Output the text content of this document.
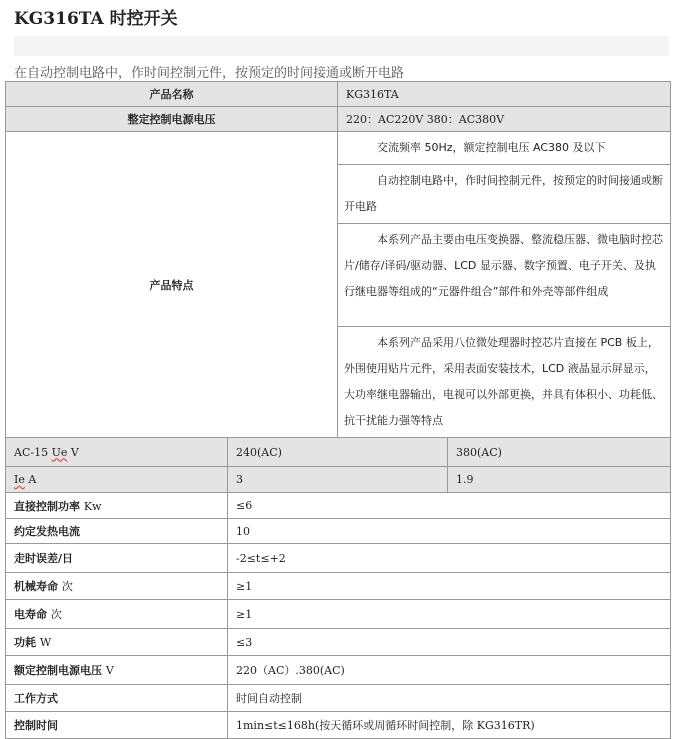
KG316TA 时控开关
在自动控制电路中，作时间控制元件，按预定的时间接通或断开电路
产品名称		KG316TA	
整定控制电源电压		220：AC220V 380：AC380V	
产品特点		交流频率 50Hz，额定控制电压 AC380 及以下	
		自动控制电路中，作时间控制元件，按预定的时间接通或断开电路	
		本系列产品主要由电压变换器、整流稳压器、微电脑时控芯片/储存/译码/驱动器、LCD 显示器、数字预置、电子开关、及执行继电器等组成的“元器件组合”部件和外壳等部件组成	
		本系列产品采用八位微处理器时控芯片直接在 PCB 板上，外围使用贴片元件，采用表面安装技术，LCD 液晶显示屏显示，大功率继电器输出，电视可以外部更换，并具有体积小、功耗低、抗干扰能力强等特点	
AC-15 Ue V	240(AC)		380(AC)
Ie A	3		1.9
直接控制功率 Kw	≤6		
约定发热电流	10		
走时误差/日	-2≤t≤+2		
机械寿命 次	≥1		
电寿命 次	≥1		
功耗 W	≤3		
额定控制电源电压 V	220（AC）.380(AC)		
工作方式	时间自动控制		
控制时间	1min≤t≤168h(按天循环或周循环时间控制，除 KG316TR)		
